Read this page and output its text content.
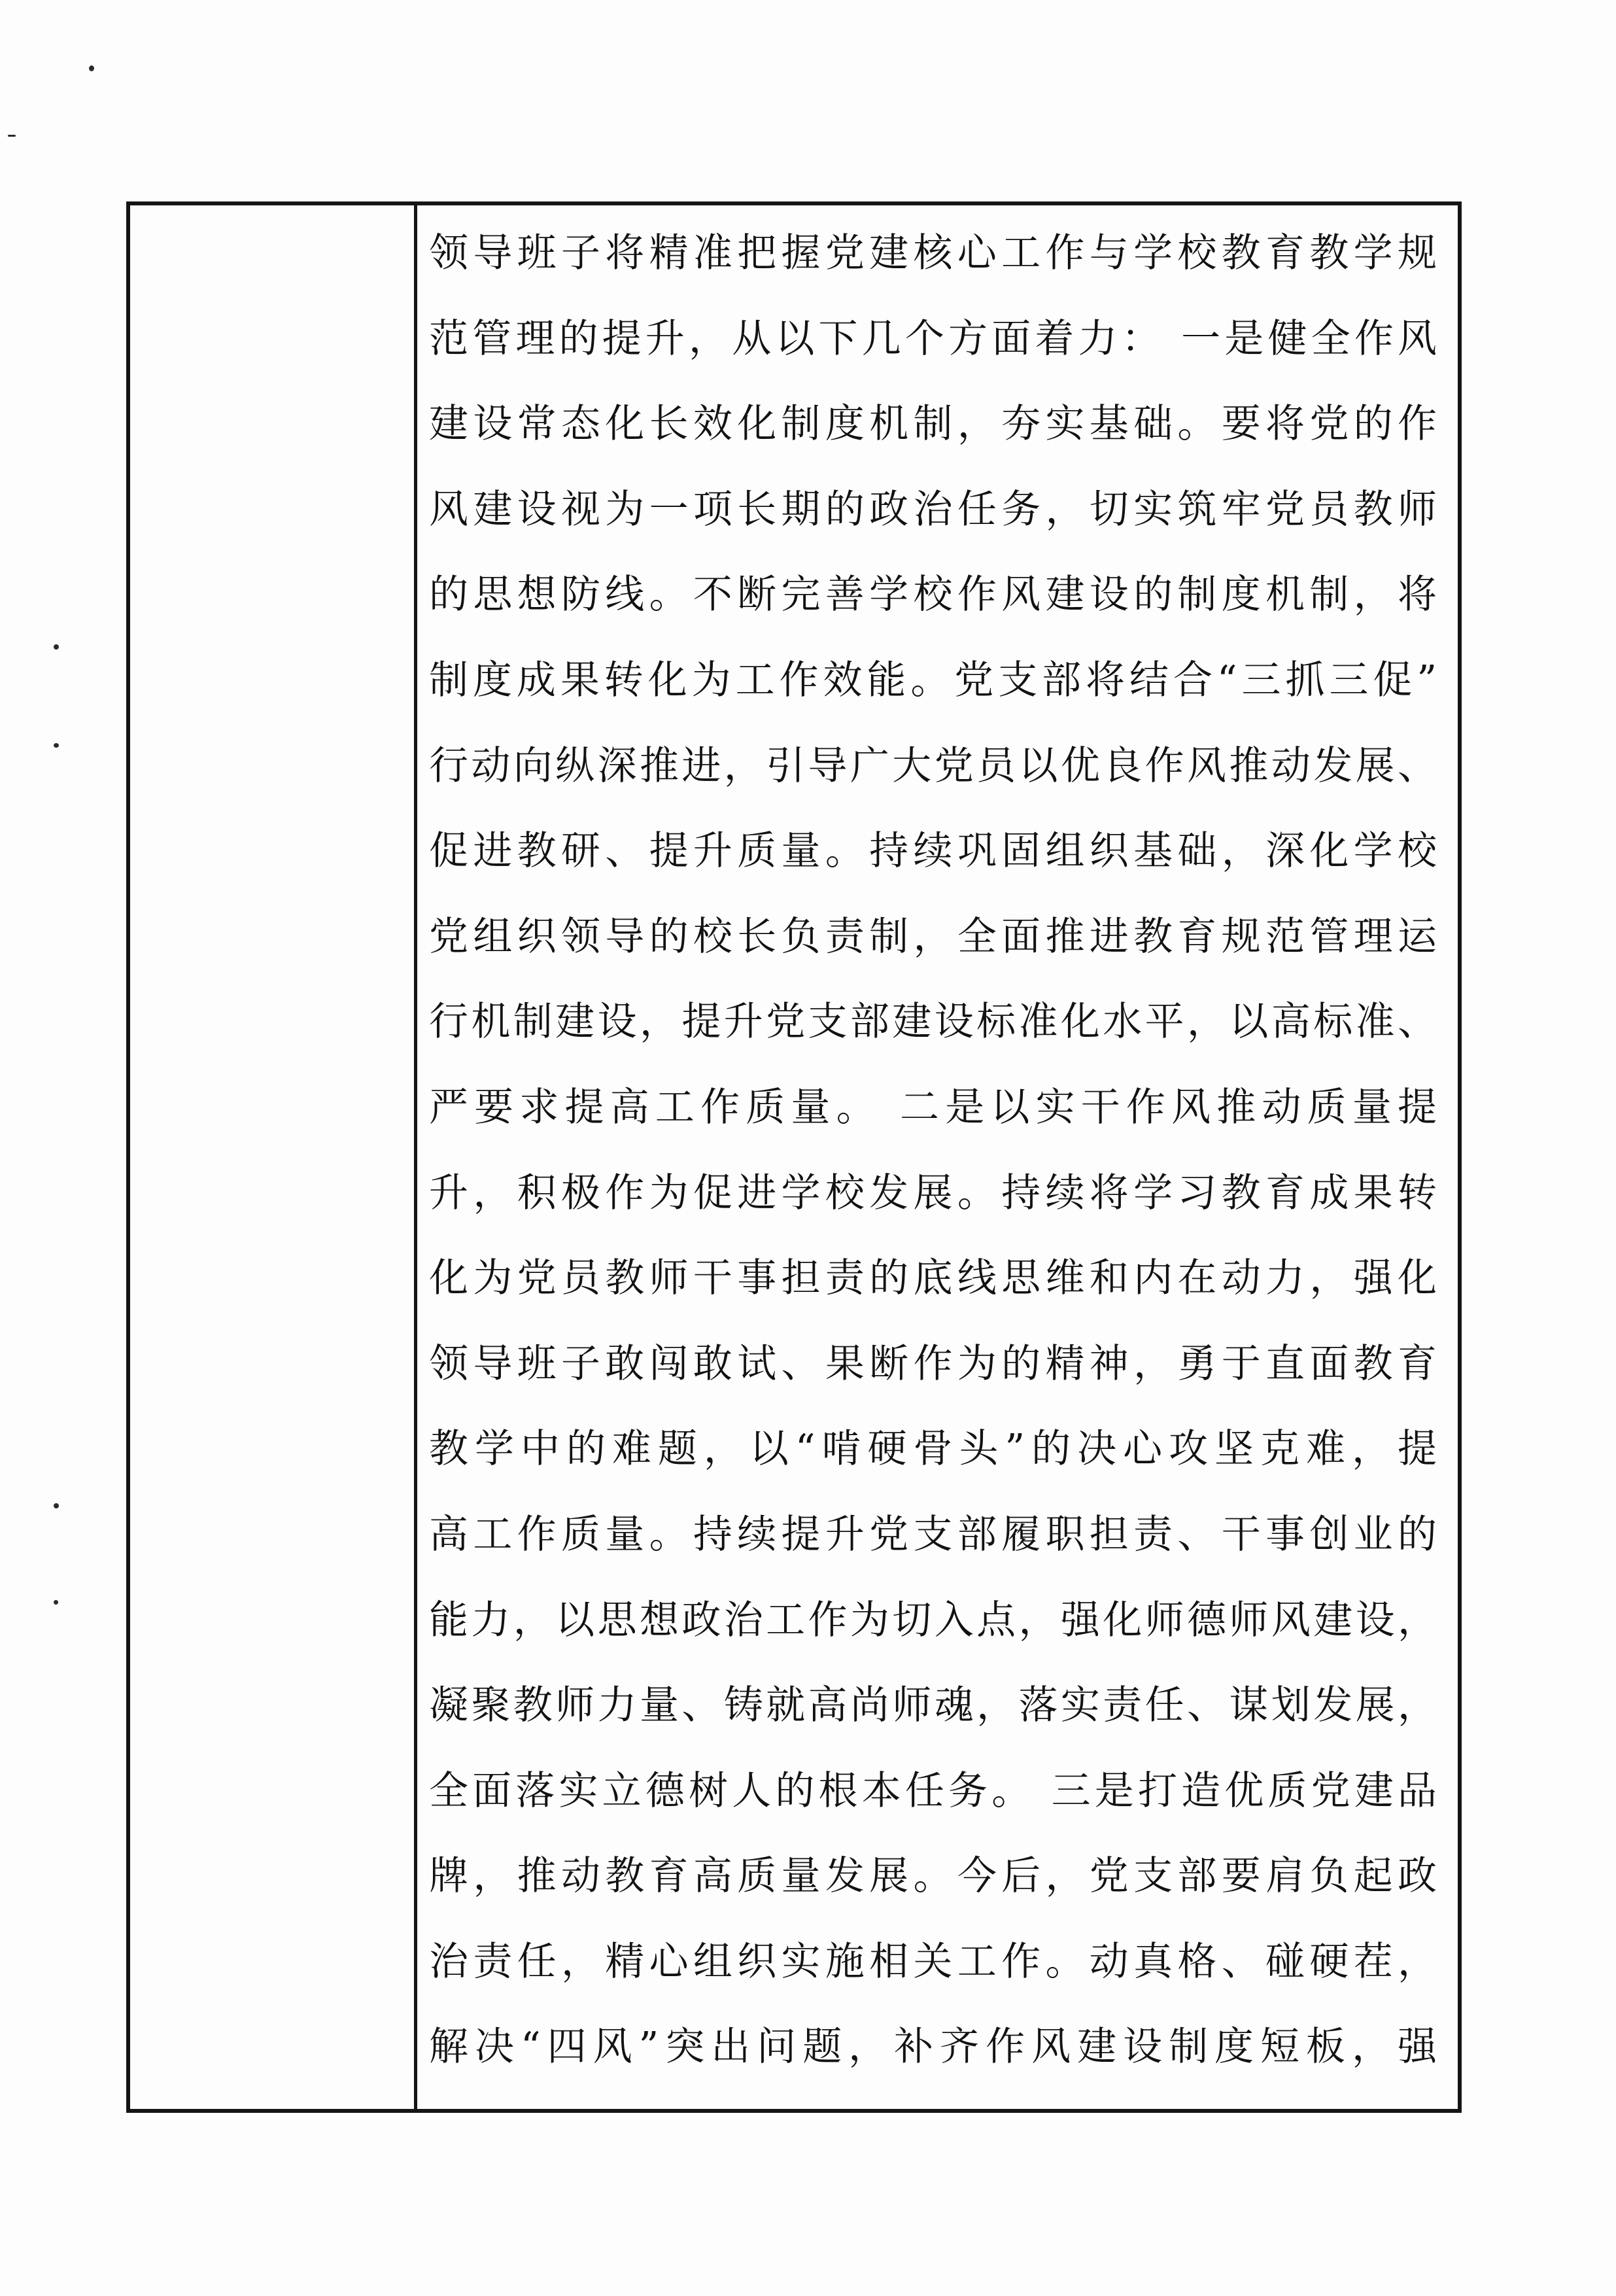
领导班子将精准把握党建核心工作与学校教育教学规
范管理的提升，从以下几个方面着力： 一是健全作风
建设常态化长效化制度机制，夯实基础。要将党的作
风建设视为一项长期的政治任务，切实筑牢党员教师
的思想防线。不断完善学校作风建设的制度机制，将
制度成果转化为工作效能。党支部将结合“三抓三促”
行动向纵深推进，引导广大党员以优良作风推动发展、
促进教研、提升质量。持续巩固组织基础，深化学校
党组织领导的校长负责制，全面推进教育规范管理运
行机制建设，提升党支部建设标准化水平，以高标准、
严要求提高工作质量。 二是以实干作风推动质量提
升，积极作为促进学校发展。持续将学习教育成果转
化为党员教师干事担责的底线思维和内在动力，强化
领导班子敢闯敢试、果断作为的精神，勇于直面教育
教学中的难题，以“啃硬骨头”的决心攻坚克难，提
高工作质量。持续提升党支部履职担责、干事创业的
能力，以思想政治工作为切入点，强化师德师风建设，
凝聚教师力量、铸就高尚师魂，落实责任、谋划发展，
全面落实立德树人的根本任务。 三是打造优质党建品
牌，推动教育高质量发展。今后，党支部要肩负起政
治责任，精心组织实施相关工作。动真格、碰硬茬，
解决“四风”突出问题，补齐作风建设制度短板，强
